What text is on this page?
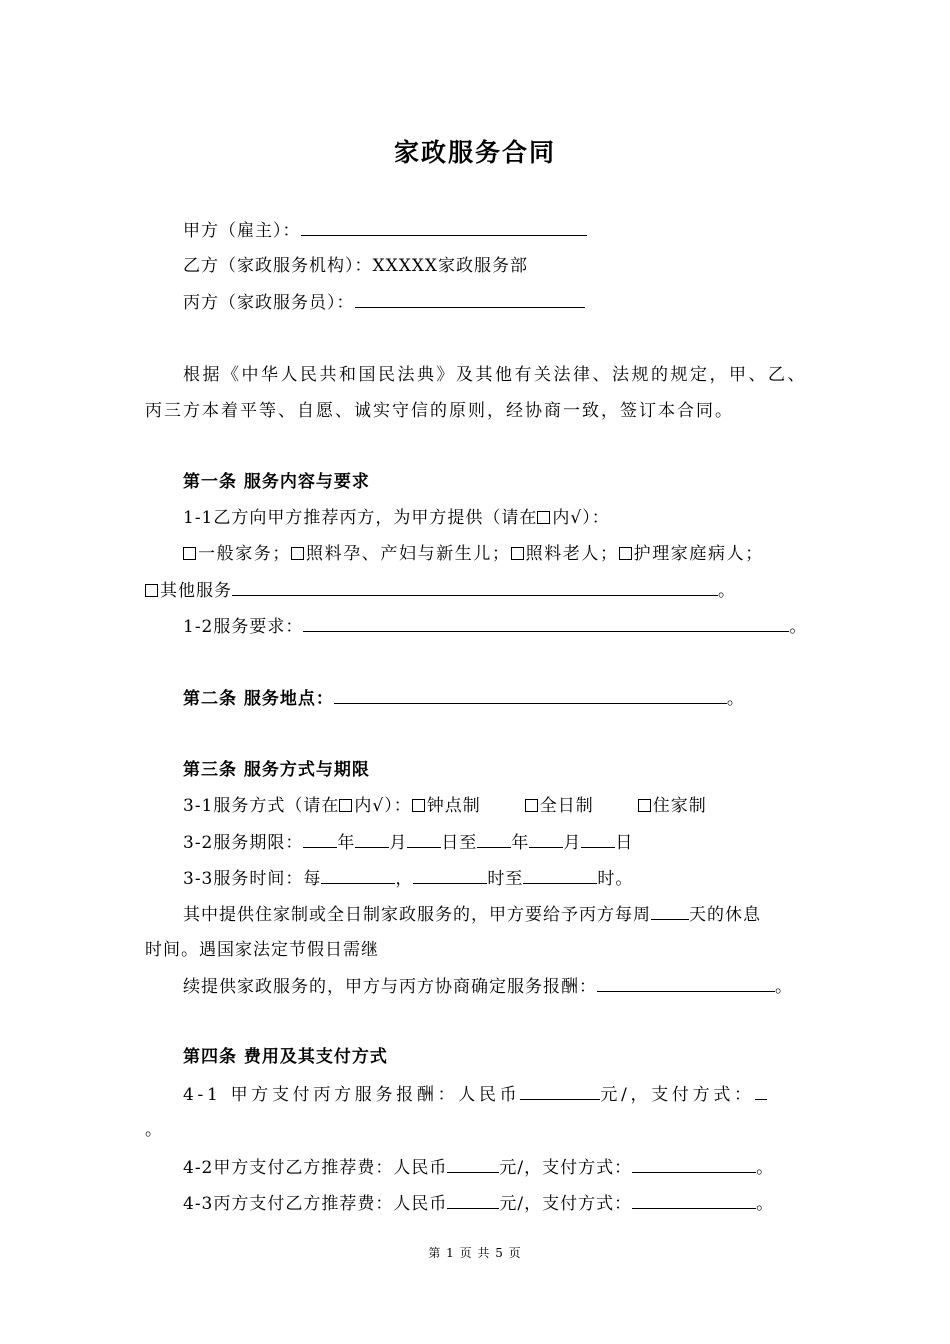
家政服务合同
甲方（雇主）：
乙方（家政服务机构）：XXXXX家政服务部
丙方（家政服务员）：
根据《中华人民共和国民法典》及其他有关法律、法规的规定，甲、乙、
丙三方本着平等、自愿、诚实守信的原则，经协商一致，签订本合同。
第一条 服务内容与要求
1-1乙方向甲方推荐丙方，为甲方提供（请在 内√）：
一般家务； 照料孕、产妇与新生儿； 照料老人； 护理家庭病人；
其他服务	。
1-2服务要求：	。
第二条 服务地点：	。
第三条 服务方式与期限
3-1服务方式（请在 内√）： 钟点制	全日制	住家制
3-2服务期限： 年 月 日至 年 月 日
3-3服务时间：每	，	时至	时。
其中提供住家制或全日制家政服务的，甲方要给予丙方每周 天的休息
时间。遇国家法定节假日需继
续提供家政服务的，甲方与丙方协商确定服务报酬：	。
第四条 费用及其支付方式
4-1 甲方支付丙方服务报酬：人民币	元/，支付方式：
。
4-2甲方支付乙方推荐费：人民币	元/，支付方式：	。
4-3丙方支付乙方推荐费：人民币	元/，支付方式：	。
第 1 页 共 5 页
